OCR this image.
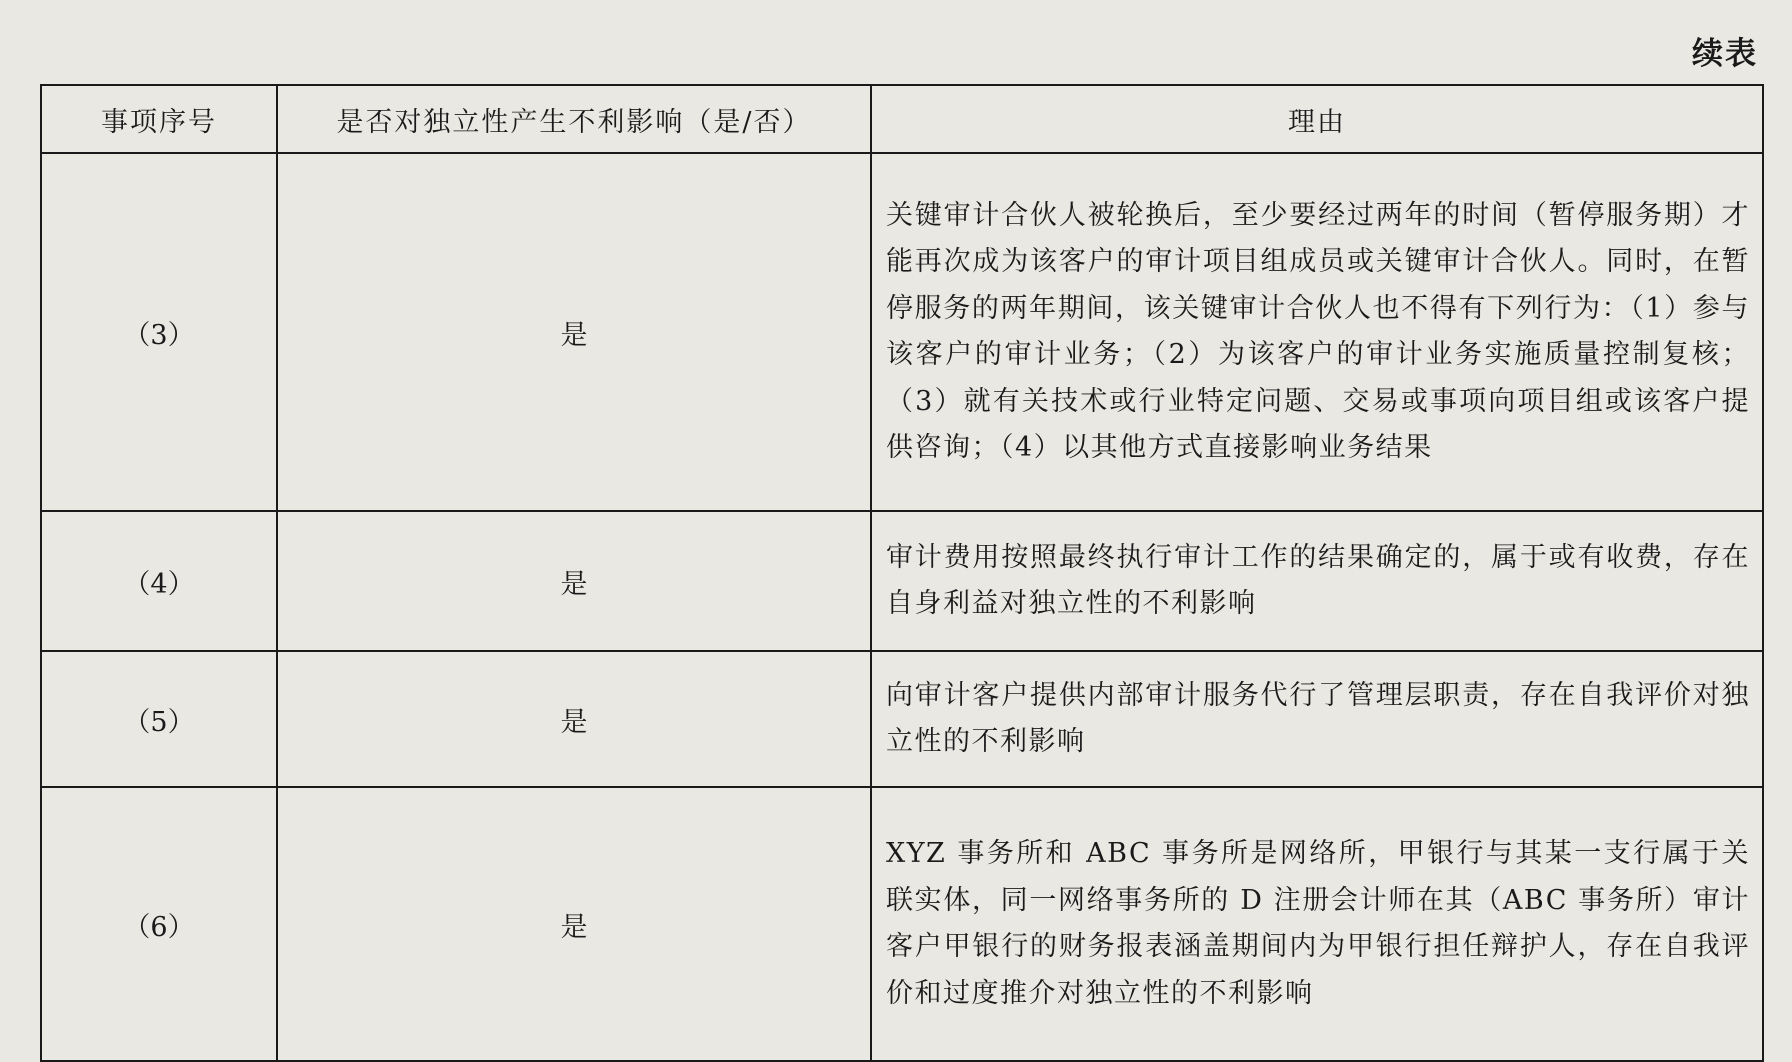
续表
事项序号	是否对独立性产生不利影响（是/否）	理由
（3）	是	关键审计合伙人被轮换后，至少要经过两年的时间（暂停服务期）才能再次成为该客户的审计项目组成员或关键审计合伙人。同时，在暂停服务的两年期间，该关键审计合伙人也不得有下列行为：（1）参与该客户的审计业务；（2）为该客户的审计业务实施质量控制复核；（3）就有关技术或行业特定问题、交易或事项向项目组或该客户提供咨询；（4）以其他方式直接影响业务结果
（4）	是	审计费用按照最终执行审计工作的结果确定的，属于或有收费，存在自身利益对独立性的不利影响
（5）	是	向审计客户提供内部审计服务代行了管理层职责，存在自我评价对独立性的不利影响
（6）	是	XYZ 事务所和 ABC 事务所是网络所，甲银行与其某一支行属于关联实体，同一网络事务所的 D 注册会计师在其（ABC 事务所）审计客户甲银行的财务报表涵盖期间内为甲银行担任辩护人，存在自我评价和过度推介对独立性的不利影响
